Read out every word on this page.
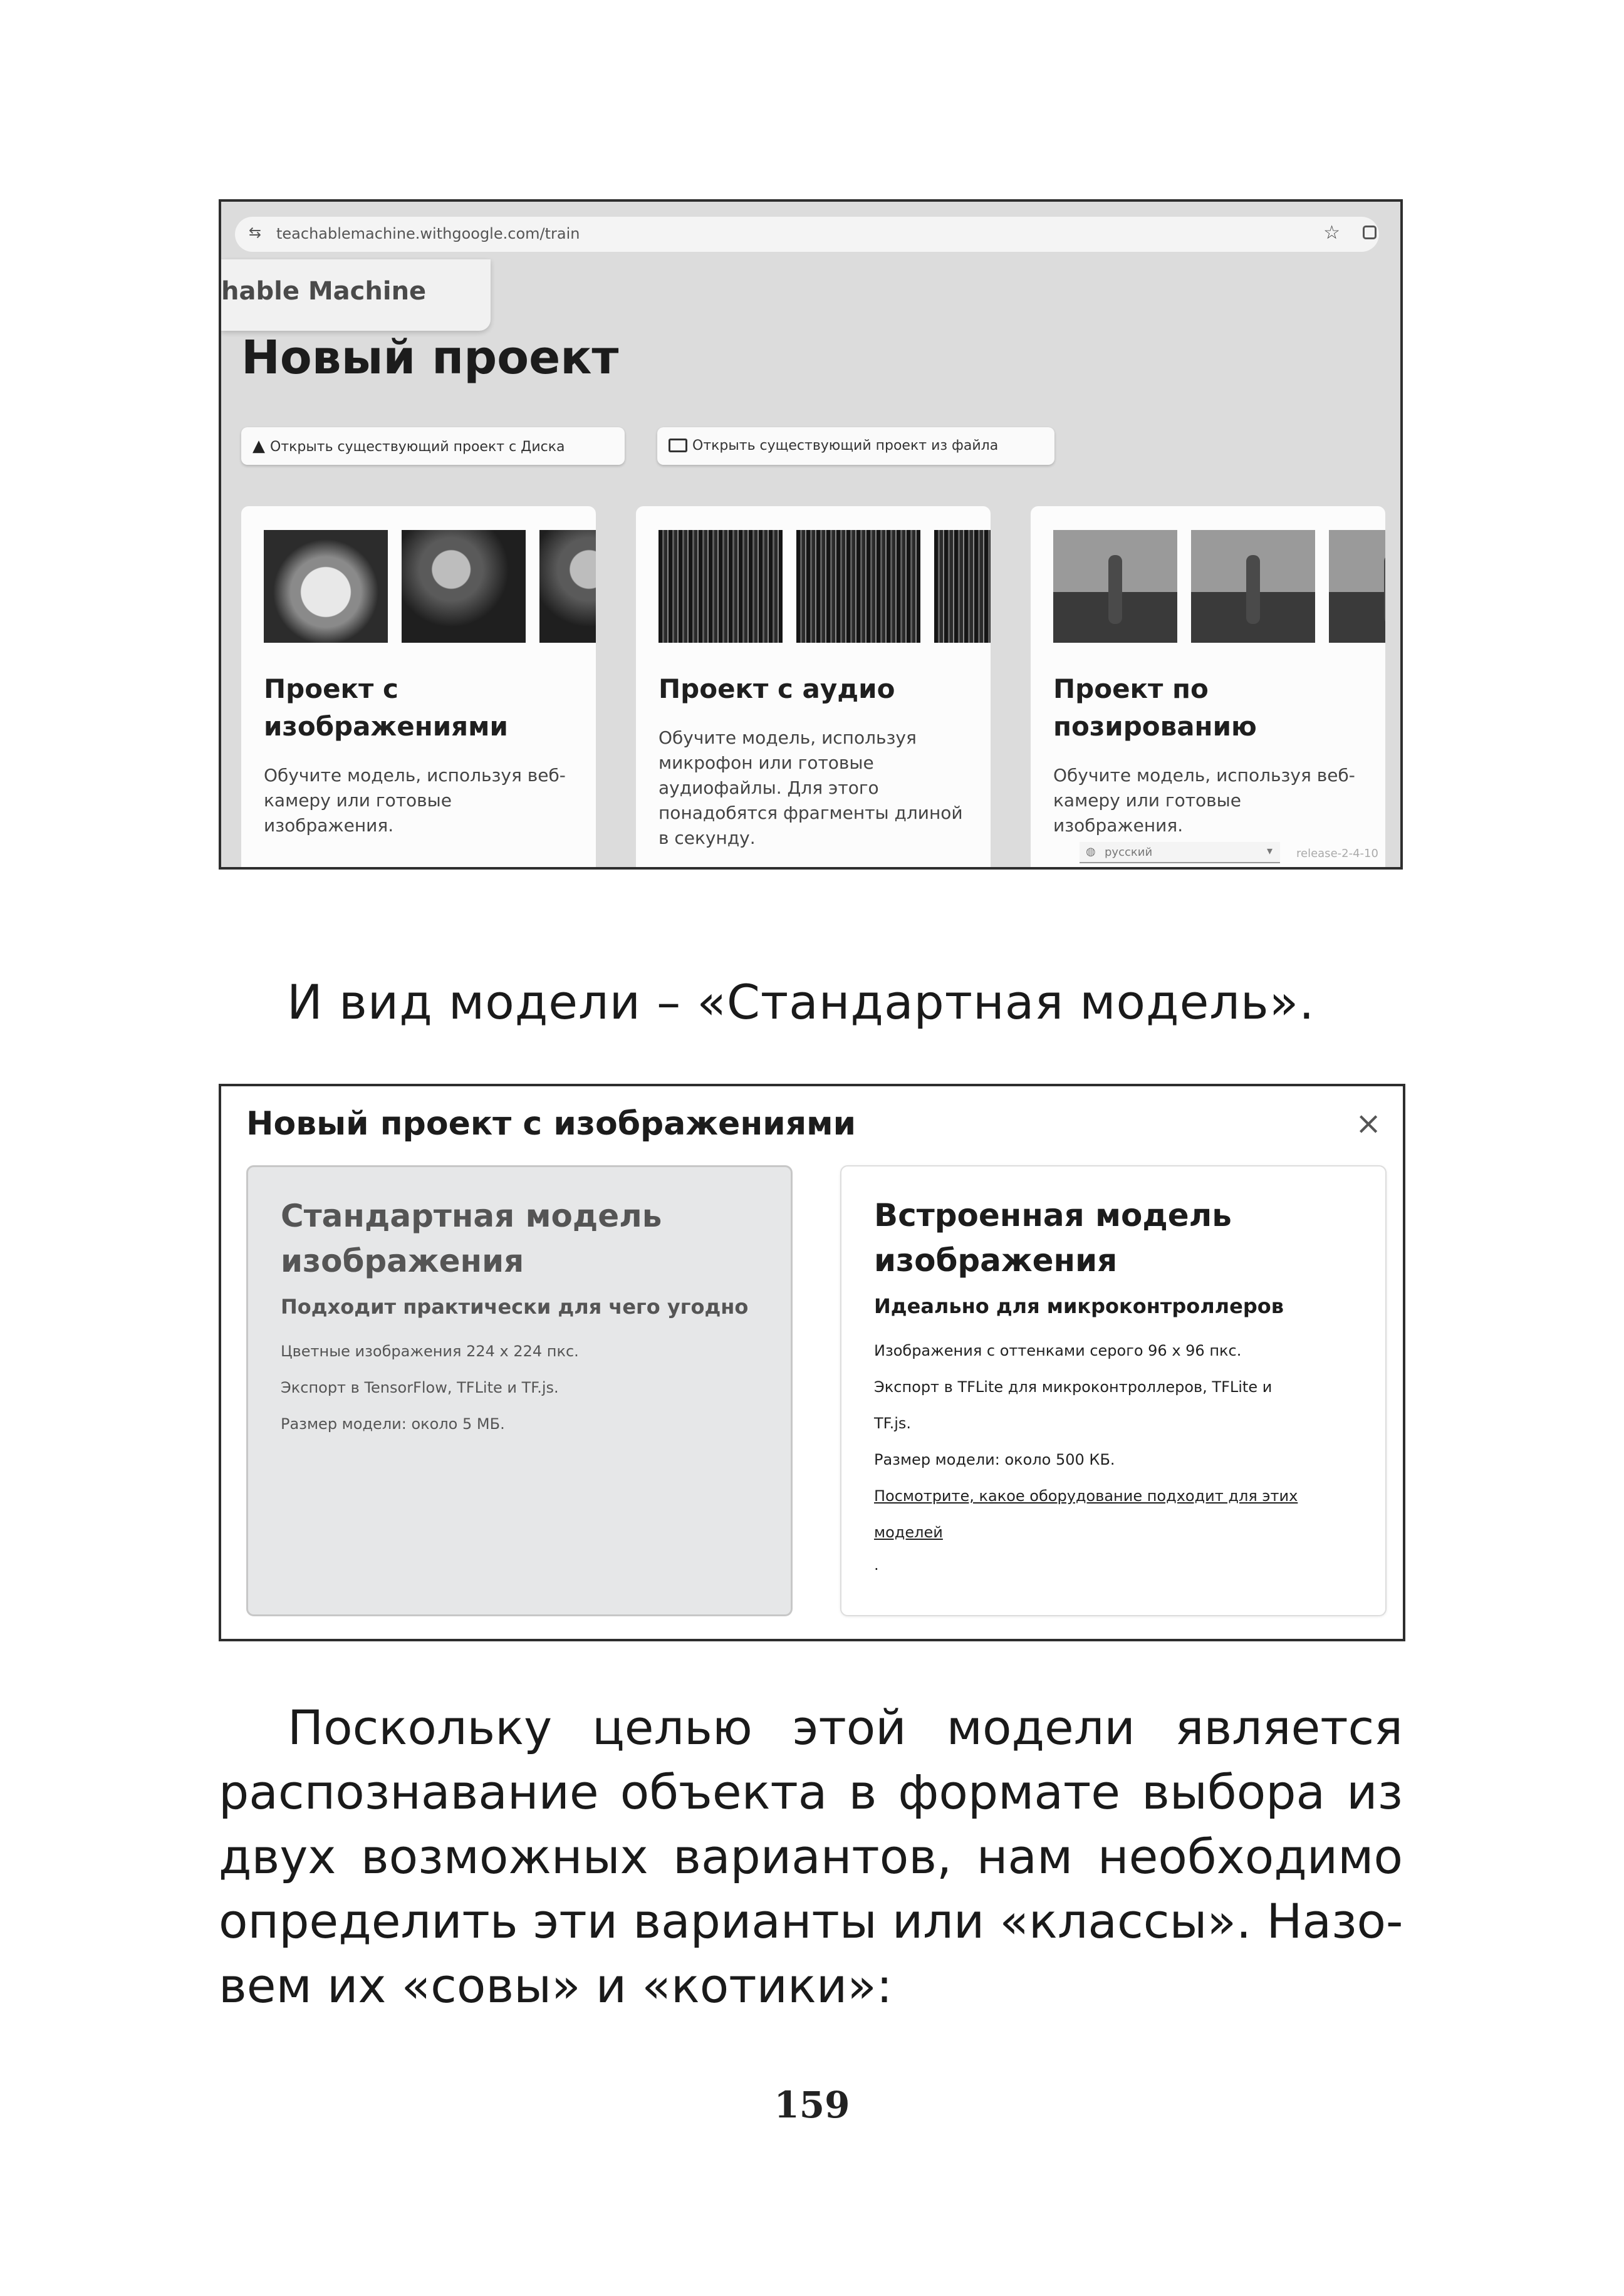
⇆ teachablemachine.withgoogle.com/train	☆
hable Machine
Новый проект
▲ Открыть существующий проект с Диска	Открыть существующий проект из файла
Проект с изображениями

Обучите модель, используя веб-камеру или готовые изображения.

Проект с аудио

Обучите модель, используя микрофон или готовые аудиофайлы. Для этого понадобятся фрагменты длиной в секунду.

Проект по позированию

Обучите модель, используя веб-камеру или готовые изображения.

◍ русский	▾ release-2-4-10
И вид модели – «Стандартная модель».
Новый проект с изображениями	×
Стандартная модель изображения
Подходит практически для чего угодно
Цветные изображения 224 х 224 пкс.
Экспорт в TensorFlow, TFLite и TF.js.
Размер модели: около 5 МБ.
Встроенная модель изображения
Идеально для микроконтроллеров
Изображения с оттенками серого 96 х 96 пкс.
Экспорт в TFLite для микроконтроллеров, TFLite и
TF.js.
Размер модели: около 500 КБ.
Посмотрите, какое оборудование подходит для этих
моделей
.
Поскольку целью этой модели является
распознавание объекта в формате выбора из
двух возможных вариантов, нам необходимо
определить эти варианты или «классы». Назо-
вем их «совы» и «котики»:
159
